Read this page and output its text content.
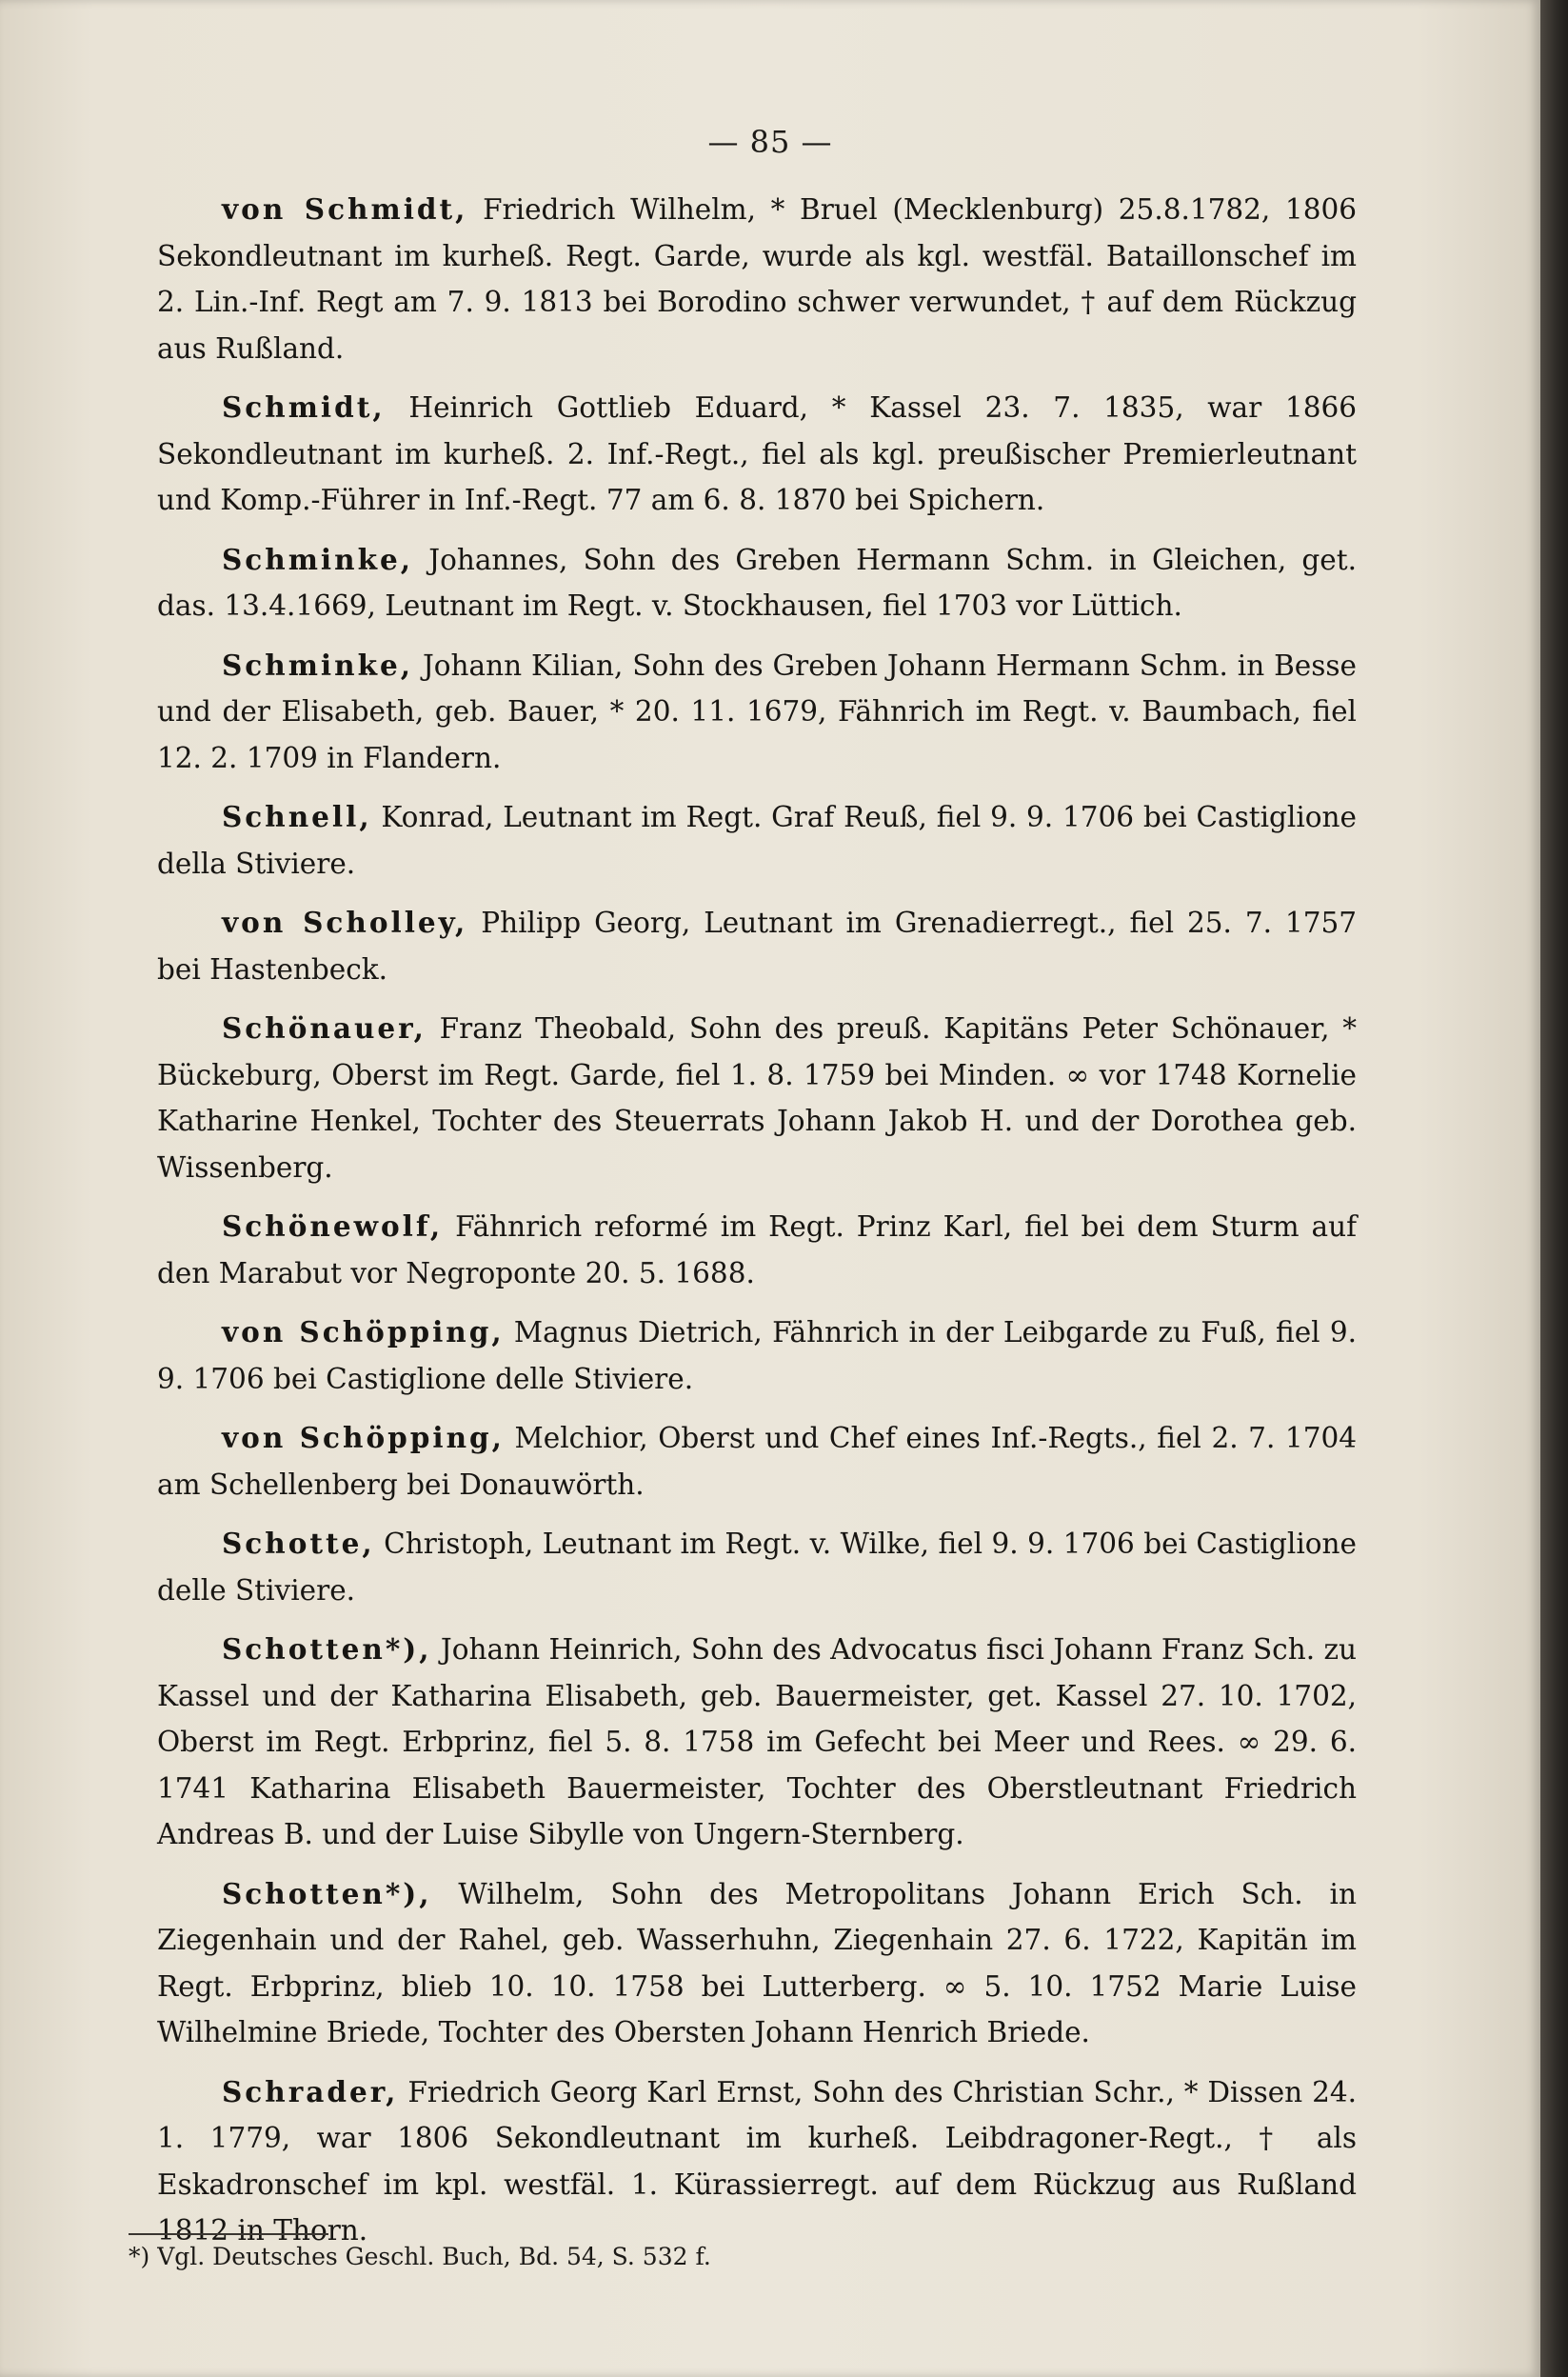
— 85 —

von Schmidt, Friedrich Wilhelm, * Bruel (Mecklenburg) 25.8.1782, 1806 Sekondleutnant im kurheß. Regt. Garde, wurde als kgl. westfäl. Bataillonschef im 2. Lin.-Inf. Regt am 7. 9. 1813 bei Borodino schwer verwundet, † auf dem Rückzug aus Rußland.

Schmidt, Heinrich Gottlieb Eduard, * Kassel 23. 7. 1835, war 1866 Sekondleutnant im kurheß. 2. Inf.-Regt., fiel als kgl. preußischer Premierleutnant und Komp.-Führer in Inf.-Regt. 77 am 6. 8. 1870 bei Spichern.

Schminke, Johannes, Sohn des Greben Hermann Schm. in Gleichen, get. das. 13.4.1669, Leutnant im Regt. v. Stockhausen, fiel 1703 vor Lüttich.

Schminke, Johann Kilian, Sohn des Greben Johann Hermann Schm. in Besse und der Elisabeth, geb. Bauer, * 20. 11. 1679, Fähnrich im Regt. v. Baumbach, fiel 12. 2. 1709 in Flandern.

Schnell, Konrad, Leutnant im Regt. Graf Reuß, fiel 9. 9. 1706 bei Castiglione della Stiviere.

von Scholley, Philipp Georg, Leutnant im Grenadierregt., fiel 25. 7. 1757 bei Hastenbeck.

Schönauer, Franz Theobald, Sohn des preuß. Kapitäns Peter Schönauer, * Bückeburg, Oberst im Regt. Garde, fiel 1. 8. 1759 bei Minden. ∞ vor 1748 Kornelie Katharine Henkel, Tochter des Steuerrats Johann Jakob H. und der Dorothea geb. Wissenberg.

Schönewolf, Fähnrich reformé im Regt. Prinz Karl, fiel bei dem Sturm auf den Marabut vor Negroponte 20. 5. 1688.

von Schöpping, Magnus Dietrich, Fähnrich in der Leibgarde zu Fuß, fiel 9. 9. 1706 bei Castiglione delle Stiviere.

von Schöpping, Melchior, Oberst und Chef eines Inf.-Regts., fiel 2. 7. 1704 am Schellenberg bei Donauwörth.

Schotte, Christoph, Leutnant im Regt. v. Wilke, fiel 9. 9. 1706 bei Castiglione delle Stiviere.

Schotten*), Johann Heinrich, Sohn des Advocatus fisci Johann Franz Sch. zu Kassel und der Katharina Elisabeth, geb. Bauermeister, get. Kassel 27. 10. 1702, Oberst im Regt. Erbprinz, fiel 5. 8. 1758 im Gefecht bei Meer und Rees. ∞ 29. 6. 1741 Katharina Elisabeth Bauermeister, Tochter des Oberstleutnant Friedrich Andreas B. und der Luise Sibylle von Ungern-Sternberg.

Schotten*), Wilhelm, Sohn des Metropolitans Johann Erich Sch. in Ziegenhain und der Rahel, geb. Wasserhuhn, Ziegenhain 27. 6. 1722, Kapitän im Regt. Erbprinz, blieb 10. 10. 1758 bei Lutterberg. ∞ 5. 10. 1752 Marie Luise Wilhelmine Briede, Tochter des Obersten Johann Henrich Briede.

Schrader, Friedrich Georg Karl Ernst, Sohn des Christian Schr., * Dissen 24. 1. 1779, war 1806 Sekondleutnant im kurheß. Leibdragoner-Regt., † als Eskadronschef im kpl. westfäl. 1. Kürassierregt. auf dem Rückzug aus Rußland 1812 in Thorn.

*) Vgl. Deutsches Geschl. Buch, Bd. 54, S. 532 f.
